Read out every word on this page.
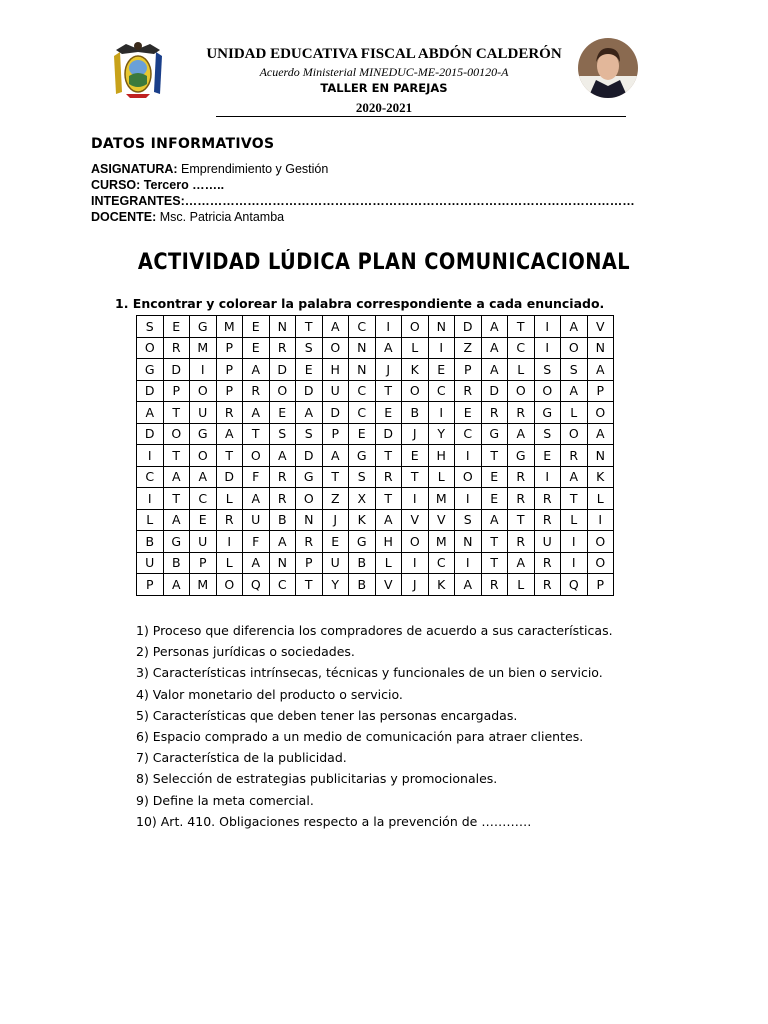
UNIDAD EDUCATIVA FISCAL ABDÓN CALDERÓN
Acuerdo Ministerial MINEDUC-ME-2015-00120-A
TALLER EN PAREJAS
2020-2021
DATOS INFORMATIVOS
ASIGNATURA: Emprendimiento y Gestión
CURSO: Tercero ……..
INTEGRANTES:………………………………………………………………………………………………
DOCENTE: Msc. Patricia Antamba
ACTIVIDAD LÚDICA PLAN COMUNICACIONAL
1. Encontrar y colorear la palabra correspondiente a cada enunciado.
S	E	G	M	E	N	T	A	C	I	O	N	D	A	T	I	A	V
O	R	M	P	E	R	S	O	N	A	L	I	Z	A	C	I	O	N
G	D	I	P	A	D	E	H	N	J	K	E	P	A	L	S	S	A
D	P	O	P	R	O	D	U	C	T	O	C	R	D	O	O	A	P
A	T	U	R	A	E	A	D	C	E	B	I	E	R	R	G	L	O
D	O	G	A	T	S	S	P	E	D	J	Y	C	G	A	S	O	A
I	T	O	T	O	A	D	A	G	T	E	H	I	T	G	E	R	N
C	A	A	D	F	R	G	T	S	R	T	L	O	E	R	I	A	K
I	T	C	L	A	R	O	Z	X	T	I	M	I	E	R	R	T	L
L	A	E	R	U	B	N	J	K	A	V	V	S	A	T	R	L	I
B	G	U	I	F	A	R	E	G	H	O	M	N	T	R	U	I	O
U	B	P	L	A	N	P	U	B	L	I	C	I	T	A	R	I	O
P	A	M	O	Q	C	T	Y	B	V	J	K	A	R	L	R	Q	P
1) Proceso que diferencia los compradores de acuerdo a sus características.
2) Personas jurídicas o sociedades.
3) Características intrínsecas, técnicas y funcionales de un bien o servicio.
4) Valor monetario del producto o servicio.
5) Características que deben tener las personas encargadas.
6) Espacio comprado a un medio de comunicación para atraer clientes.
7) Característica de la publicidad.
8) Selección de estrategias publicitarias y promocionales.
9) Define la meta comercial.
10) Art. 410. Obligaciones respecto a la prevención de …………
